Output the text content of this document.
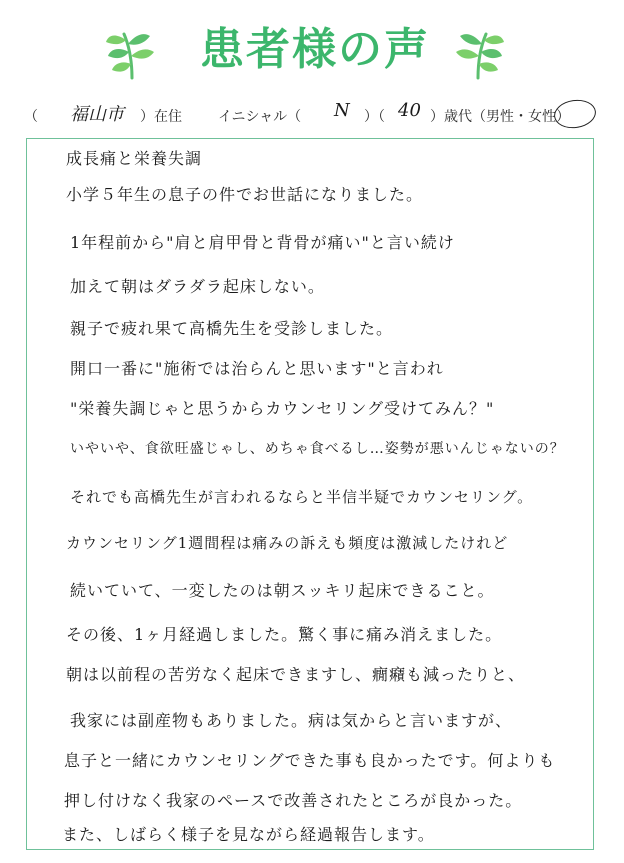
患者様の声
（ 福山市 ）在住	イニシャル（ N ）（ 40 ）歳代（男性・女性）
成長痛と栄養失調
小学５年生の息子の件でお世話になりました。
1年程前から"肩と肩甲骨と背骨が痛い"と言い続け
加えて朝はダラダラ起床しない。
親子で疲れ果て高橋先生を受診しました。
開口一番に"施術では治らんと思います"と言われ
"栄養失調じゃと思うからカウンセリング受けてみん？"
いやいや、食欲旺盛じゃし、めちゃ食べるし…姿勢が悪いんじゃないの？
それでも高橋先生が言われるならと半信半疑でカウンセリング。
カウンセリング1週間程は痛みの訴えも頻度は激減したけれど
続いていて、一変したのは朝スッキリ起床できること。
その後、1ヶ月経過しました。驚く事に痛み消えました。
朝は以前程の苦労なく起床できますし、癇癪も減ったりと、
我家には副産物もありました。病は気からと言いますが、
息子と一緒にカウンセリングできた事も良かったです。何よりも
押し付けなく我家のペースで改善されたところが良かった。
また、しばらく様子を見ながら経過報告します。
